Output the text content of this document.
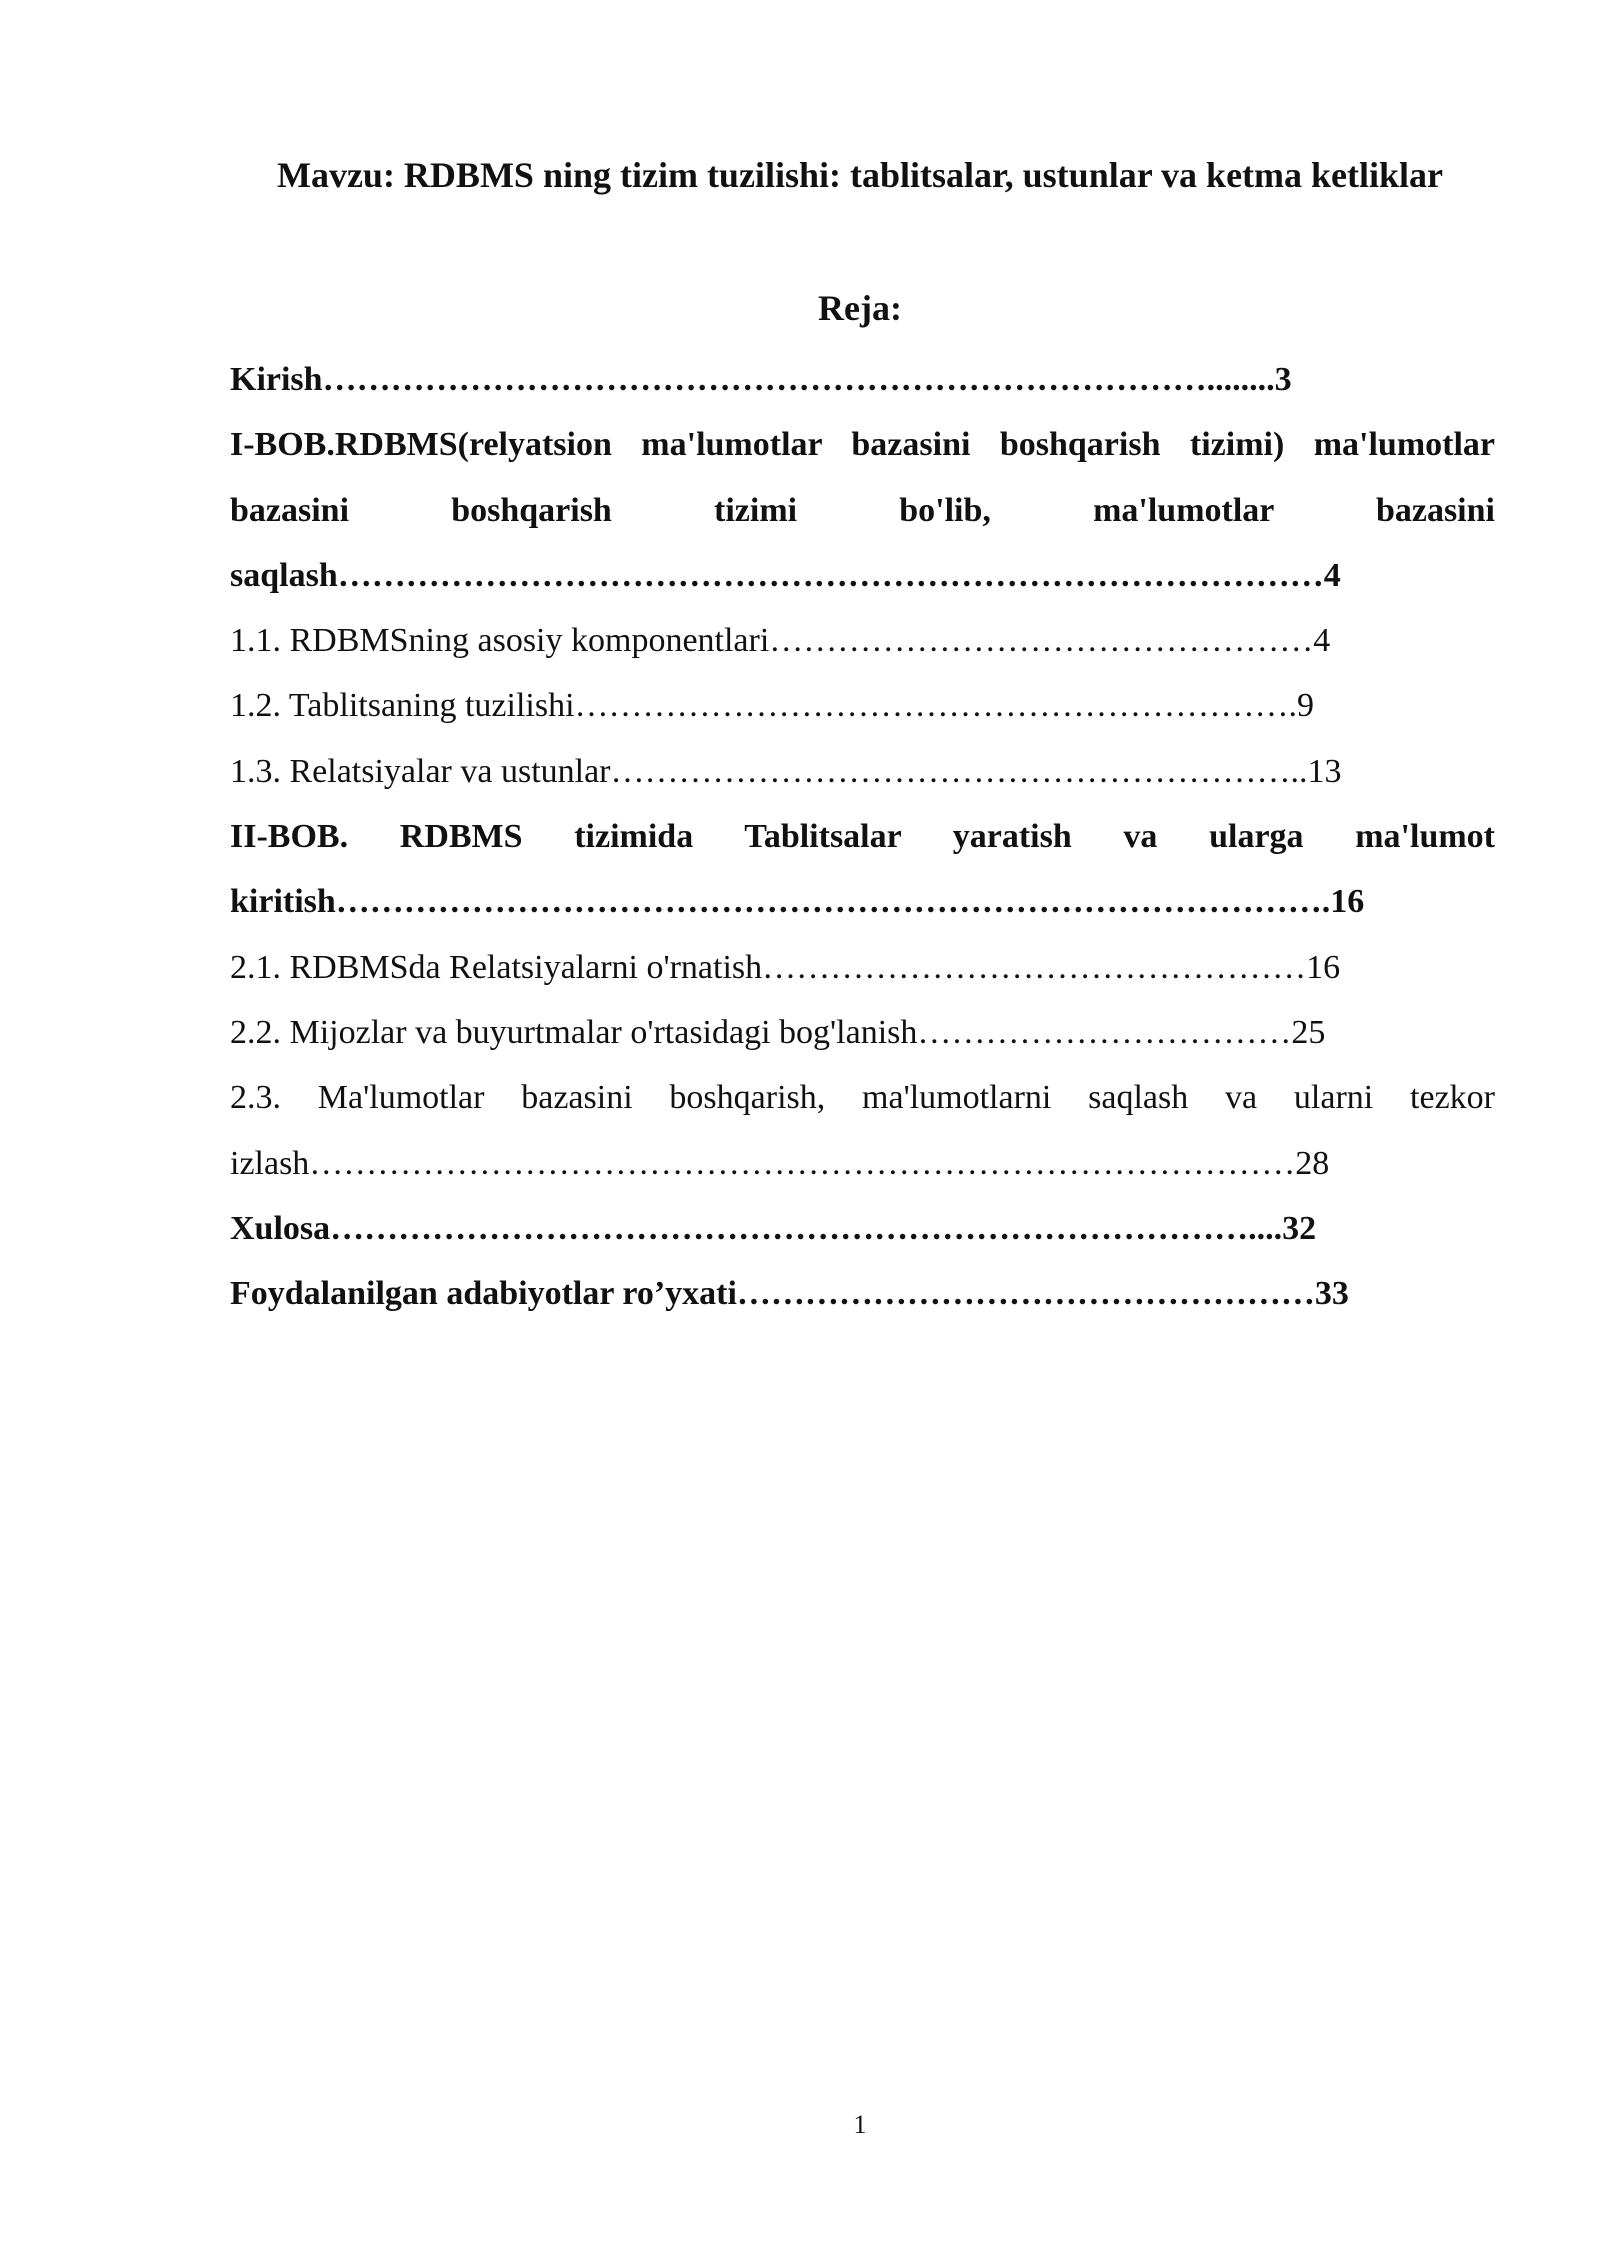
Mavzu: RDBMS ning tizim tuzilishi: tablitsalar, ustunlar va ketma ketliklar
Reja:
Kirish……………………………………………………………………........3
I-BOB.RDBMS(relyatsion ma'lumotlar bazasini boshqarish tizimi) ma'lumotlar bazasini boshqarish tizimi bo'lib, ma'lumotlar bazasini saqlash……………………………………………………………………………4
1.1. RDBMSning asosiy komponentlari…………………………………………4
1.2. Tablitsaning tuzilishi……………………………………………………….9
1.3. Relatsiyalar va ustunlar……………………………………………………..13
II-BOB. RDBMS tizimida Tablitsalar yaratish va ularga ma'lumot kiritish…………………………………………………………………………….16
2.1. RDBMSda Relatsiyalarni o'rnatish…………………………………………16
2.2. Mijozlar va buyurtmalar o'rtasidagi bog'lanish……………………………25
2.3. Ma'lumotlar bazasini boshqarish, ma'lumotlarni saqlash va ularni tezkor izlash……………………………………………………………………………28
Xulosa………………………………………………………………………....32
Foydalanilgan adabiyotlar ro’yxati……………………………………………33
1
